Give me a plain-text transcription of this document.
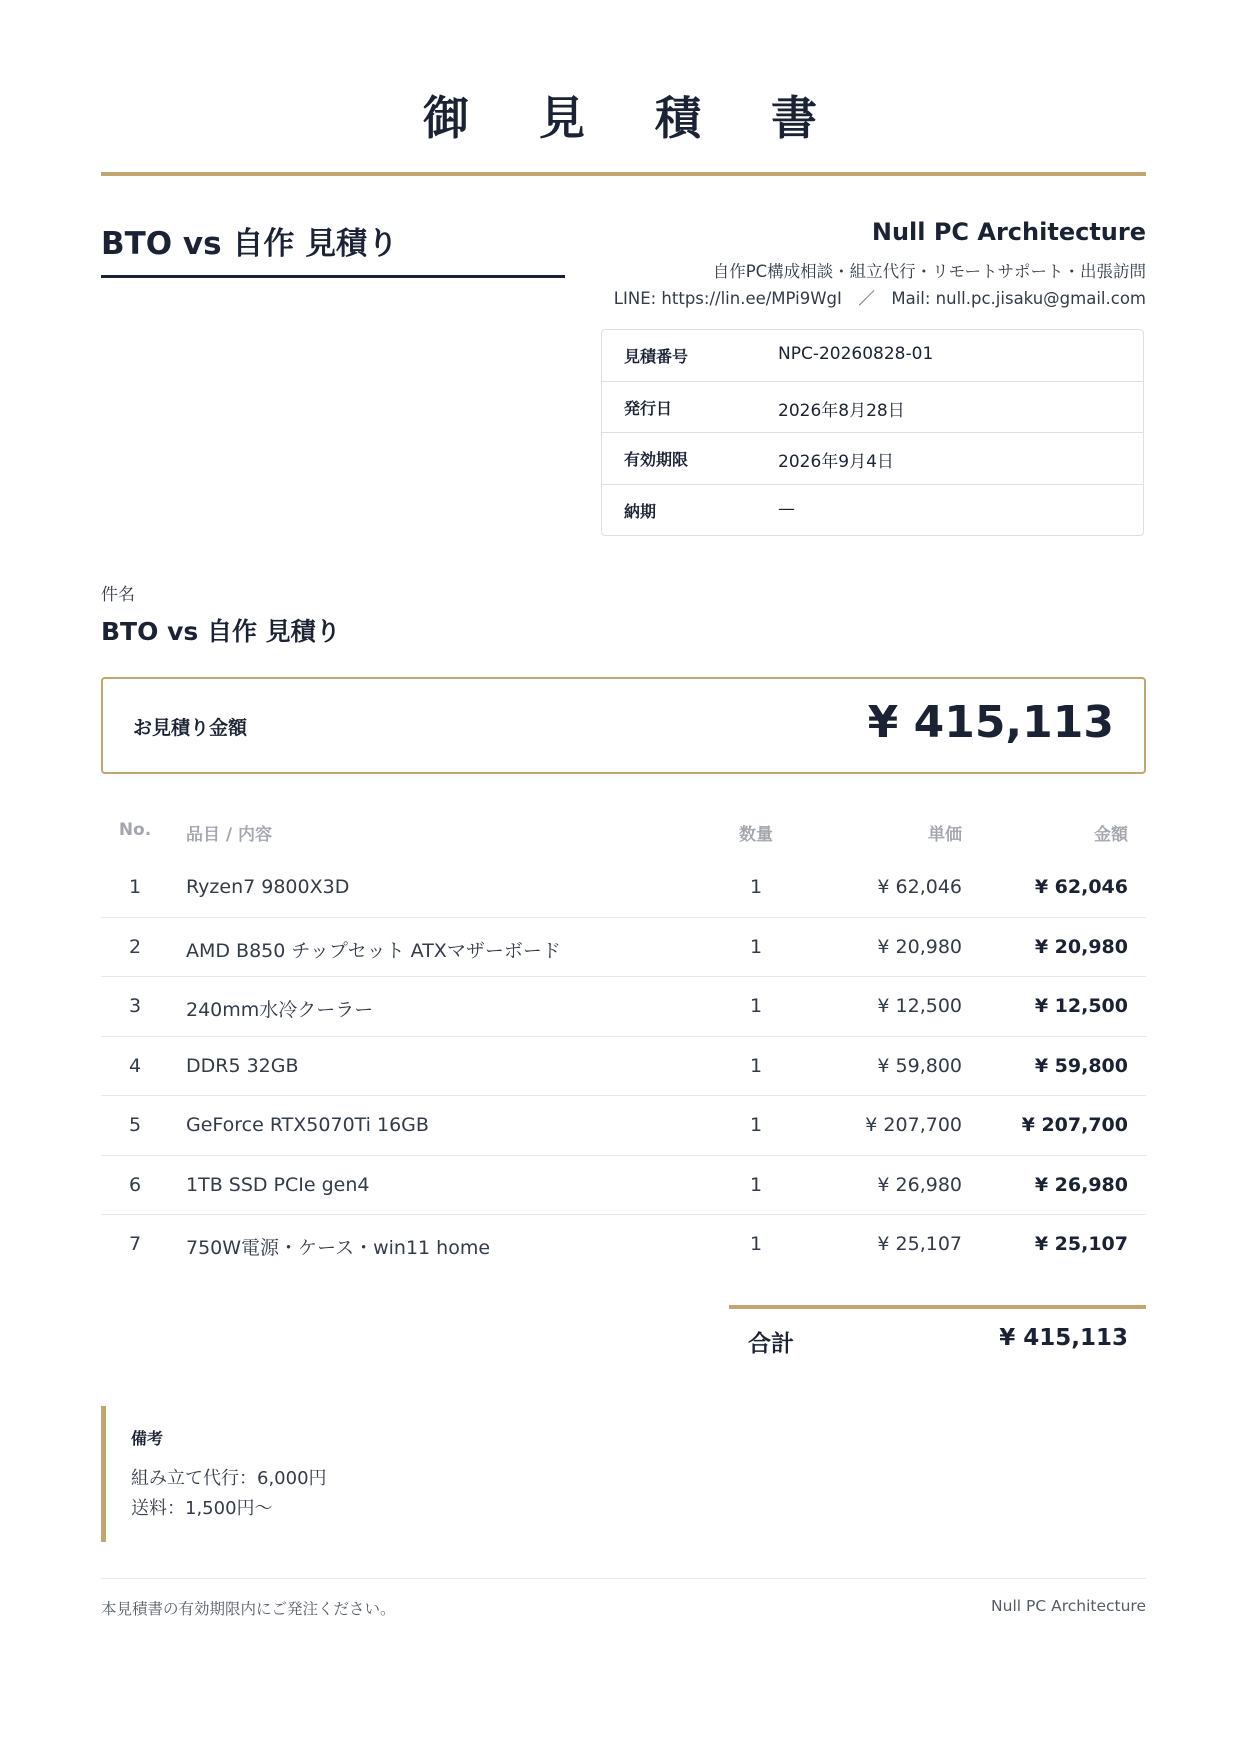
御見積書
BTO vs 自作 見積り	Null PC Architecture
自作PC構成相談・組立代行・リモートサポート・出張訪問
LINE: https://lin.ee/MPi9WgI　／　Mail: null.pc.jisaku@gmail.com
見積番号	NPC-20260828-01
発行日	2026年8月28日
有効期限	2026年9月4日
納期	—
件名
BTO vs 自作 見積り
お見積り金額	¥ 415,113
No.	品目 / 内容	数量	単価	金額
1	Ryzen7 9800X3D	1	¥ 62,046	¥ 62,046
2	AMD B850 チップセット ATXマザーボード	1	¥ 20,980	¥ 20,980
3	240mm水冷クーラー	1	¥ 12,500	¥ 12,500
4	DDR5 32GB	1	¥ 59,800	¥ 59,800
5	GeForce RTX5070Ti 16GB	1	¥ 207,700	¥ 207,700
6	1TB SSD PCIe gen4	1	¥ 26,980	¥ 26,980
7	750W電源・ケース・win11 home	1	¥ 25,107	¥ 25,107
合計	¥ 415,113
備考
組み立て代行：6,000円
送料：1,500円〜
本見積書の有効期限内にご発注ください。	Null PC Architecture
